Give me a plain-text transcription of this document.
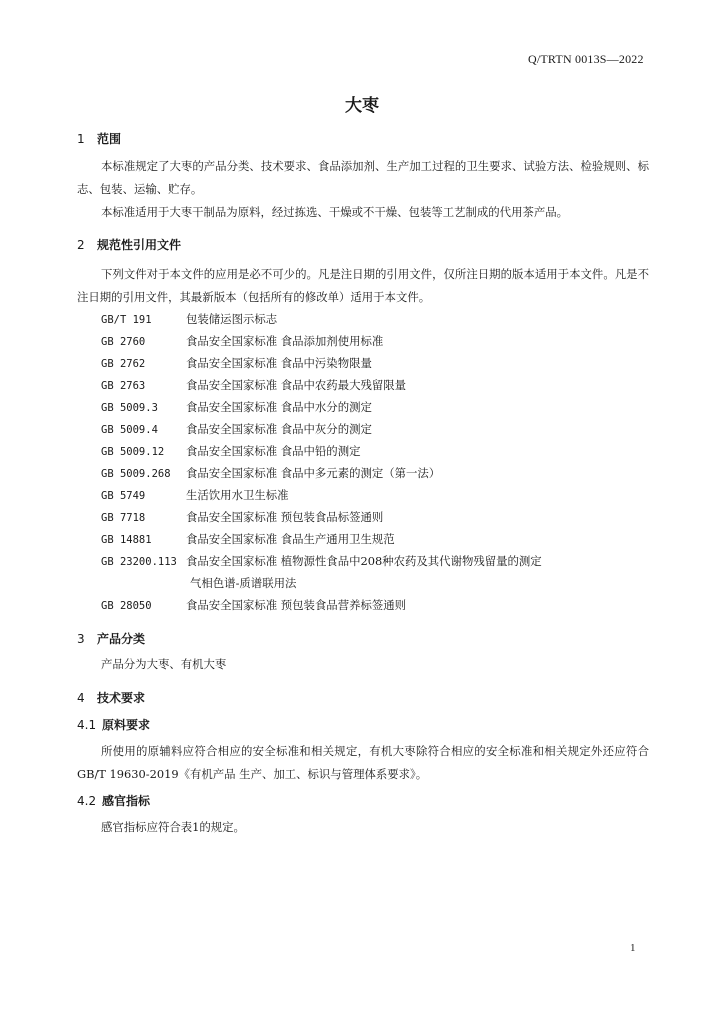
Q/TRTN 0013S—2022
大枣
1 范围

本标准规定了大枣的产品分类、技术要求、食品添加剂、生产加工过程的卫生要求、试验方法、检验规则、标志、包装、运输、贮存。

本标准适用于大枣干制品为原料，经过拣选、干燥或不干燥、包装等工艺制成的代用茶产品。

2 规范性引用文件

下列文件对于本文件的应用是必不可少的。凡是注日期的引用文件，仅所注日期的版本适用于本文件。凡是不注日期的引用文件，其最新版本（包括所有的修改单）适用于本文件。

GB/T 191	包装储运图示标志
GB 2760	食品安全国家标准 食品添加剂使用标准
GB 2762	食品安全国家标准 食品中污染物限量
GB 2763	食品安全国家标准 食品中农药最大残留限量
GB 5009.3 食品安全国家标准 食品中水分的测定
GB 5009.4 食品安全国家标准 食品中灰分的测定
GB 5009.12 食品安全国家标准 食品中铅的测定
GB 5009.268 食品安全国家标准 食品中多元素的测定（第一法）
GB 5749	生活饮用水卫生标准
GB 7718	食品安全国家标准 预包装食品标签通则
GB 14881	食品安全国家标准 食品生产通用卫生规范
GB 23200.113 食品安全国家标准 植物源性食品中208种农药及其代谢物残留量的测定
气相色谱-质谱联用法
GB 28050	食品安全国家标准 预包装食品营养标签通则
3 产品分类

产品分为大枣、有机大枣

4 技术要求
4.1 原料要求

所使用的原辅料应符合相应的安全标准和相关规定，有机大枣除符合相应的安全标准和相关规定外还应符合GB/T 19630-2019《有机产品 生产、加工、标识与管理体系要求》。

4.2 感官指标

感官指标应符合表1的规定。

1
